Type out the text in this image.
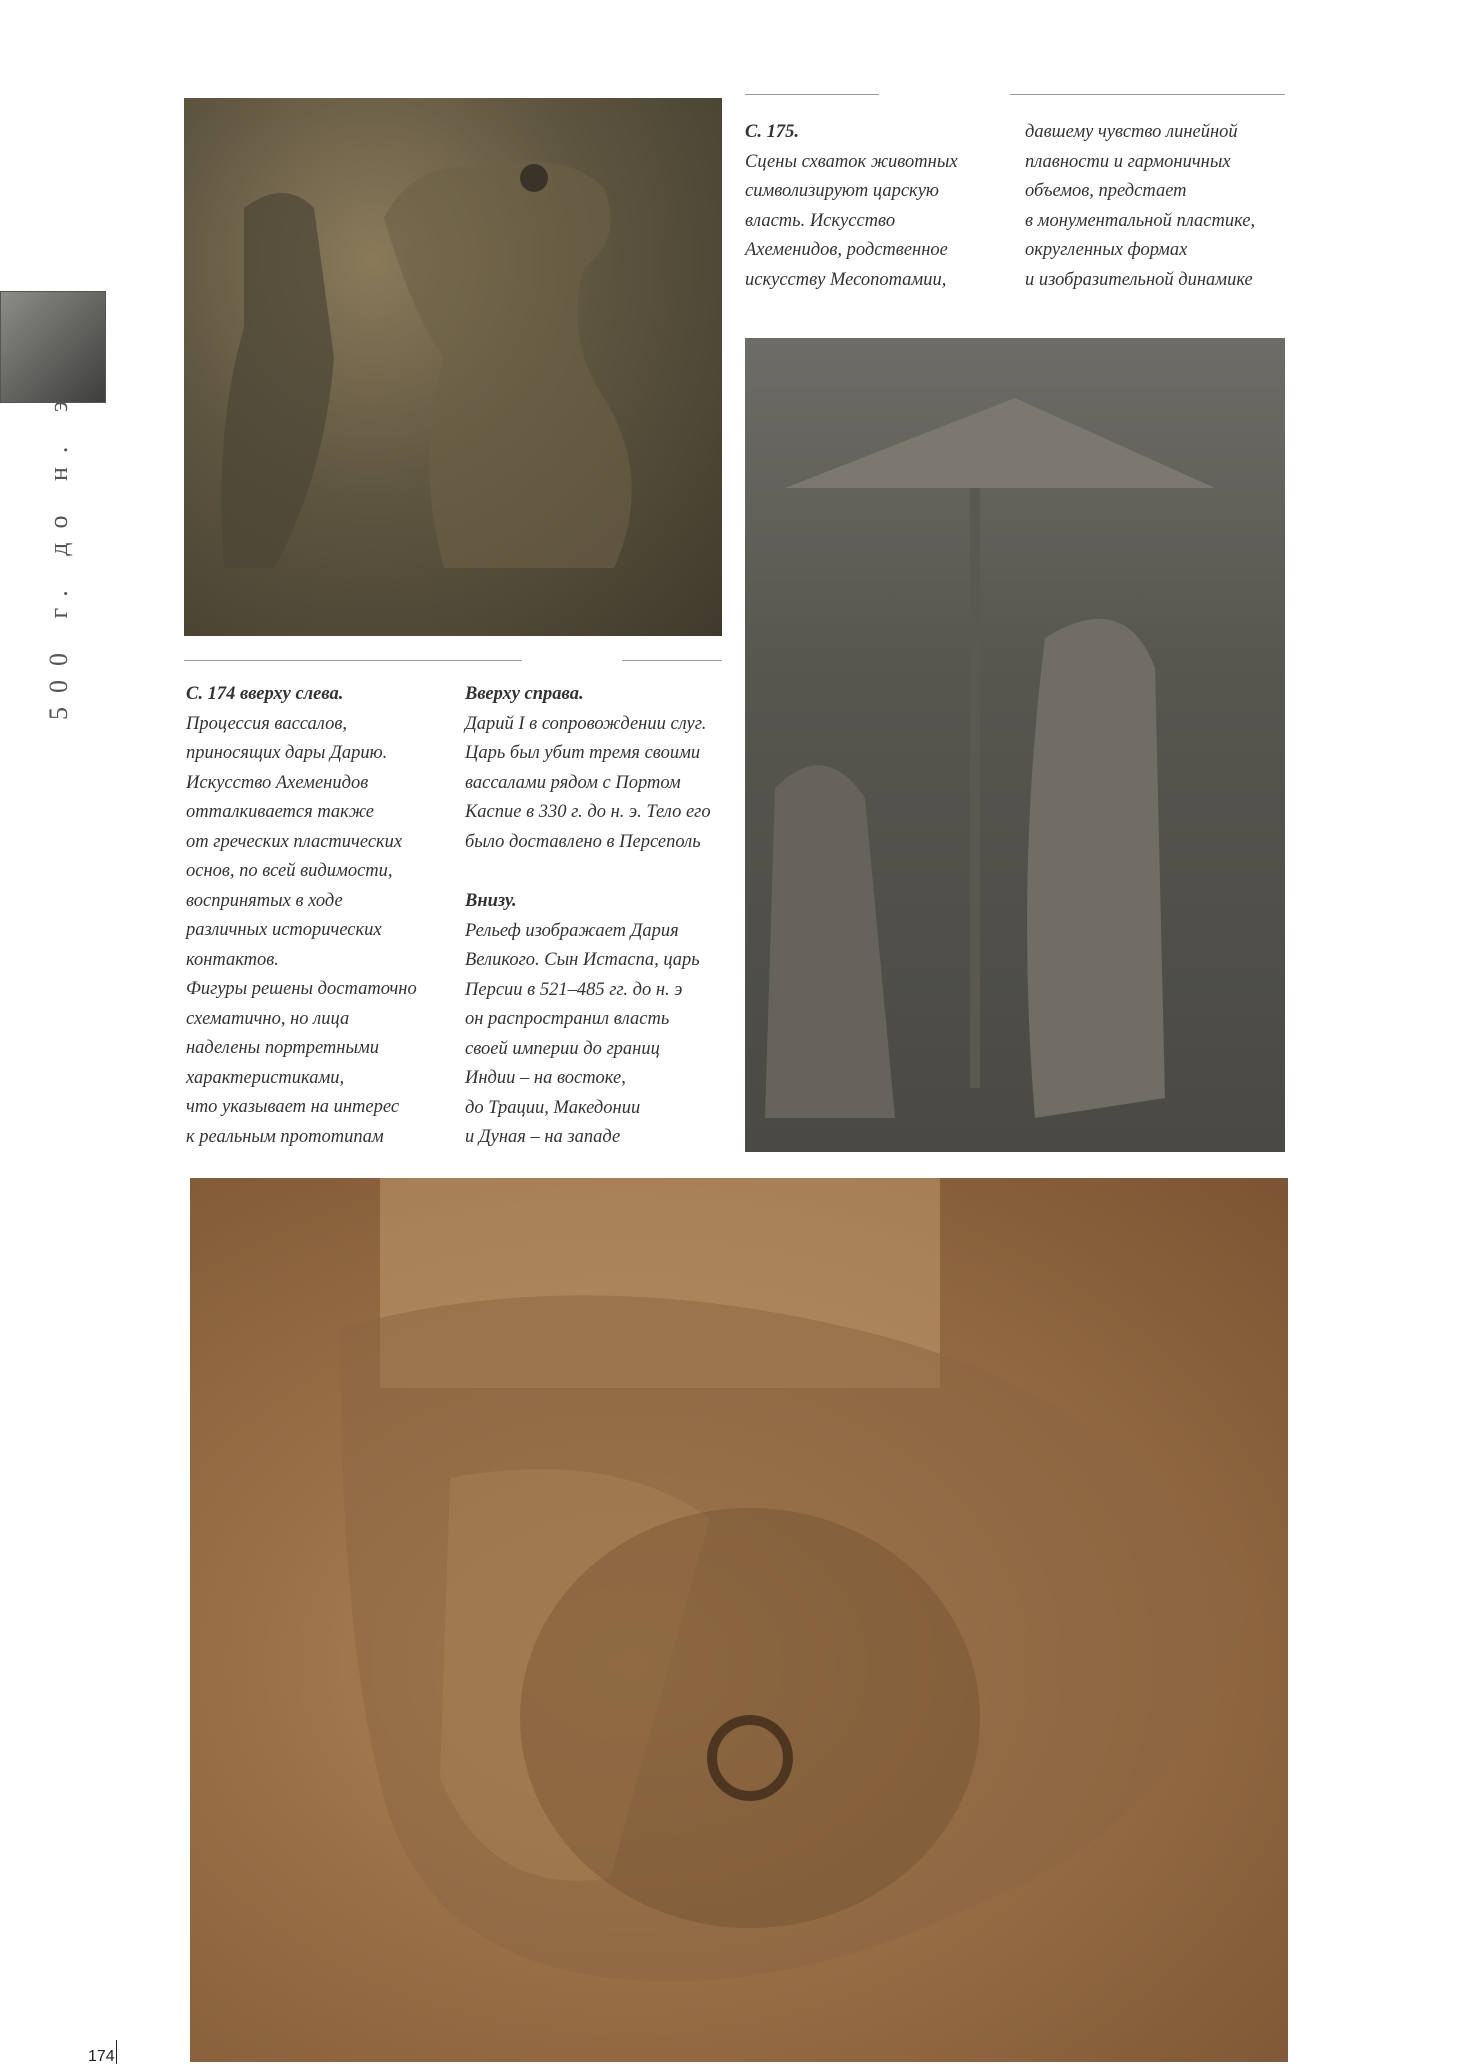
500 г. до н. э.

С. 175.

Сцены схваток животных

символизируют царскую

власть. Искусство

Ахеменидов, родственное

искусству Месопотамии,

давшему чувство линейной

плавности и гармоничных

объемов, предстает

в монументальной пластике,

округленных формах

и изобразительной динамике

С. 174 вверху слева.

Процессия вассалов,

приносящих дары Дарию.

Искусство Ахеменидов

отталкивается также

от греческих пластических

основ, по всей видимости,

воспринятых в ходе

различных исторических

контактов.

Фигуры решены достаточно

схематично, но лица

наделены портретными

характеристиками,

что указывает на интерес

к реальным прототипам

Вверху справа.

Дарий I в сопровождении слуг.

Царь был убит тремя своими

вассалами рядом с Портом

Каспие в 330 г. до н. э. Тело его

было доставлено в Персеполь

Внизу.

Рельеф изображает Дария

Великого. Сын Истаспа, царь

Персии в 521–485 гг. до н. э

он распространил власть

своей империи до границ

Индии – на востоке,

до Трации, Македонии

и Дуная – на западе

174
